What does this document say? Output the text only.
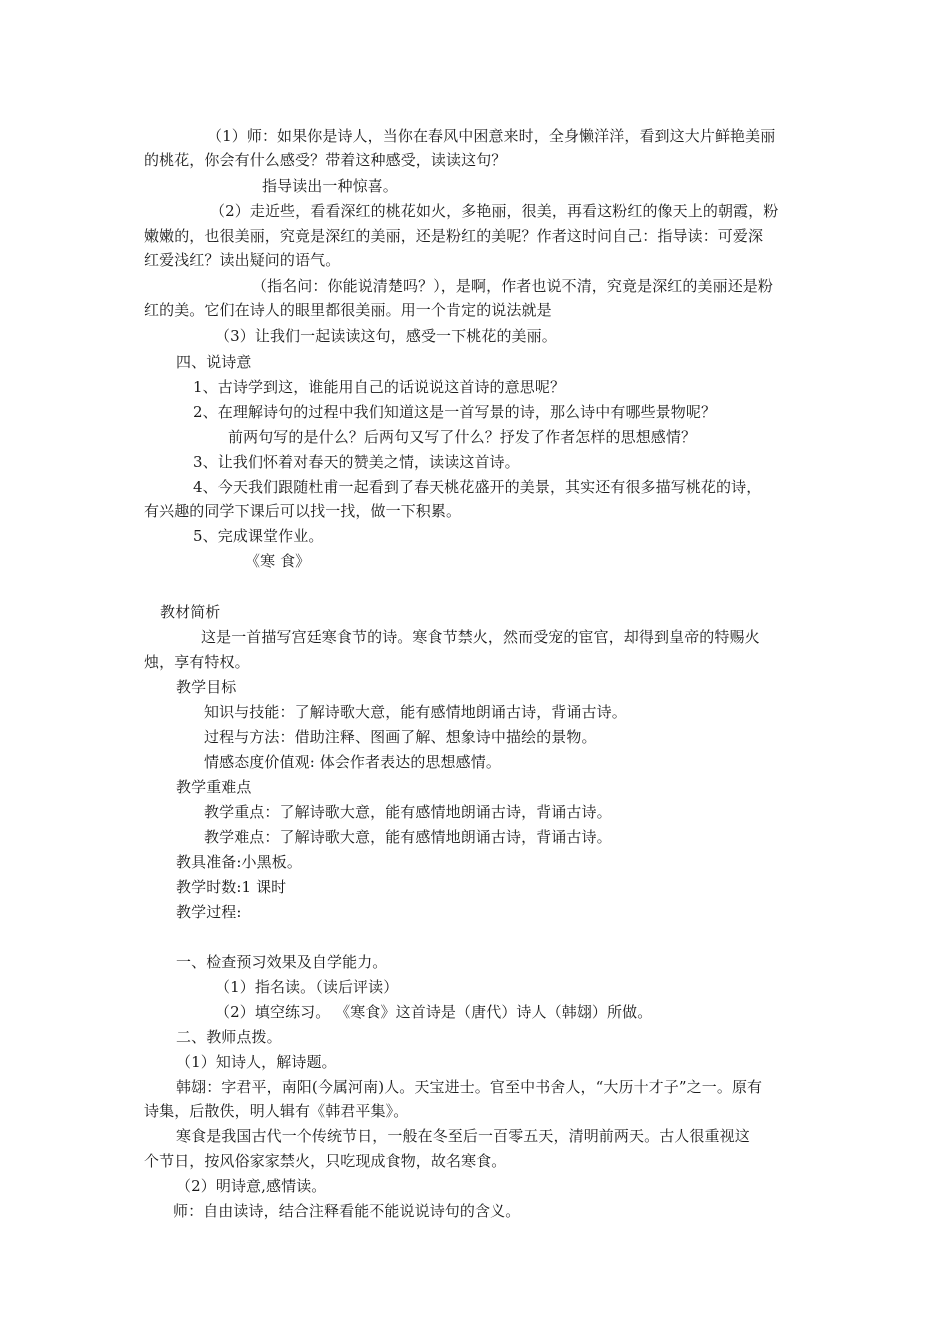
（1）师：如果你是诗人，当你在春风中困意来时，全身懒洋洋，看到这大片鲜艳美丽
的桃花，你会有什么感受？带着这种感受，读读这句？
指导读出一种惊喜。
（2）走近些，看看深红的桃花如火，多艳丽，很美，再看这粉红的像天上的朝霞，粉
嫩嫩的，也很美丽，究竟是深红的美丽，还是粉红的美呢？作者这时问自己：指导读：可爱深
红爱浅红？读出疑问的语气。
（指名问：你能说清楚吗？），是啊，作者也说不清，究竟是深红的美丽还是粉
红的美。它们在诗人的眼里都很美丽。用一个肯定的说法就是
（3）让我们一起读读这句，感受一下桃花的美丽。
四、说诗意
1、古诗学到这，谁能用自己的话说说这首诗的意思呢？
2、在理解诗句的过程中我们知道这是一首写景的诗，那么诗中有哪些景物呢？
前两句写的是什么？后两句又写了什么？抒发了作者怎样的思想感情？
3、让我们怀着对春天的赞美之情，读读这首诗。
4、今天我们跟随杜甫一起看到了春天桃花盛开的美景，其实还有很多描写桃花的诗，
有兴趣的同学下课后可以找一找，做一下积累。
5、完成课堂作业。
《寒 食》
教材简析
这是一首描写宫廷寒食节的诗。寒食节禁火，然而受宠的宦官，却得到皇帝的特赐火
烛，享有特权。
教学目标
知识与技能：了解诗歌大意，能有感情地朗诵古诗，背诵古诗。
过程与方法：借助注释、图画了解、想象诗中描绘的景物。
情感态度价值观: 体会作者表达的思想感情。
教学重难点
教学重点：了解诗歌大意，能有感情地朗诵古诗，背诵古诗。
教学难点：了解诗歌大意，能有感情地朗诵古诗，背诵古诗。
教具准备:小黑板。
教学时数:1 课时
教学过程:
一、检查预习效果及自学能力。
（1）指名读。（读后评读）
（2）填空练习。 《寒食》这首诗是（唐代）诗人（韩翃）所做。
二、教师点拨。
（1）知诗人，解诗题。
韩翃：字君平，南阳(今属河南)人。天宝进士。官至中书舍人，“大历十才子”之一。原有
诗集，后散佚，明人辑有《韩君平集》。
寒食是我国古代一个传统节日，一般在冬至后一百零五天，清明前两天。古人很重视这
个节日，按风俗家家禁火，只吃现成食物，故名寒食。
（2）明诗意,感情读。
师：自由读诗，结合注释看能不能说说诗句的含义。
